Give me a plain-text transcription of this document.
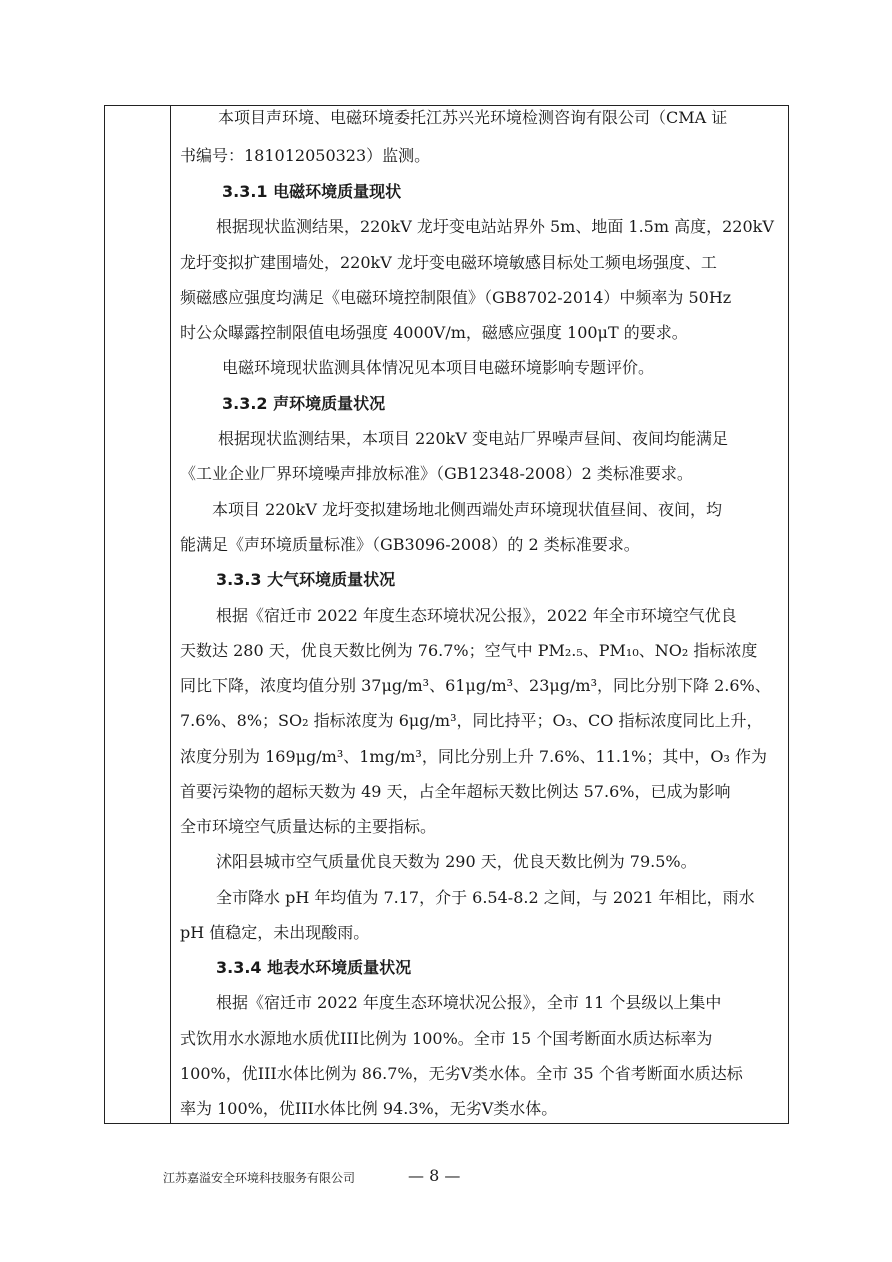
本项目声环境、电磁环境委托江苏兴光环境检测咨询有限公司（CMA 证
书编号：181012050323）监测。
3.3.1 电磁环境质量现状
根据现状监测结果，220kV 龙圩变电站站界外 5m、地面 1.5m 高度，220kV
龙圩变拟扩建围墙处，220kV 龙圩变电磁环境敏感目标处工频电场强度、工
频磁感应强度均满足《电磁环境控制限值》（GB8702-2014）中频率为 50Hz
时公众曝露控制限值电场强度 4000V/m，磁感应强度 100μT 的要求。
电磁环境现状监测具体情况见本项目电磁环境影响专题评价。
3.3.2 声环境质量状况
根据现状监测结果，本项目 220kV 变电站厂界噪声昼间、夜间均能满足
《工业企业厂界环境噪声排放标准》（GB12348-2008）2 类标准要求。
本项目 220kV 龙圩变拟建场地北侧西端处声环境现状值昼间、夜间，均
能满足《声环境质量标准》（GB3096-2008）的 2 类标准要求。
3.3.3 大气环境质量状况
根据《宿迁市 2022 年度生态环境状况公报》，2022 年全市环境空气优良
天数达 280 天，优良天数比例为 76.7%；空气中 PM₂.₅、PM₁₀、NO₂ 指标浓度
同比下降，浓度均值分别 37μg/m³、61μg/m³、23μg/m³，同比分别下降 2.6%、
7.6%、8%；SO₂ 指标浓度为 6μg/m³，同比持平；O₃、CO 指标浓度同比上升，
浓度分别为 169μg/m³、1mg/m³，同比分别上升 7.6%、11.1%；其中，O₃ 作为
首要污染物的超标天数为 49 天，占全年超标天数比例达 57.6%，已成为影响
全市环境空气质量达标的主要指标。
沭阳县城市空气质量优良天数为 290 天，优良天数比例为 79.5%。
全市降水 pH 年均值为 7.17，介于 6.54-8.2 之间，与 2021 年相比，雨水
pH 值稳定，未出现酸雨。
3.3.4 地表水环境质量状况
根据《宿迁市 2022 年度生态环境状况公报》，全市 11 个县级以上集中
式饮用水水源地水质优III比例为 100%。全市 15 个国考断面水质达标率为
100%，优III水体比例为 86.7%，无劣V类水体。全市 35 个省考断面水质达标
率为 100%，优III水体比例 94.3%，无劣V类水体。
江苏嘉溢安全环境科技服务有限公司	— 8 —
